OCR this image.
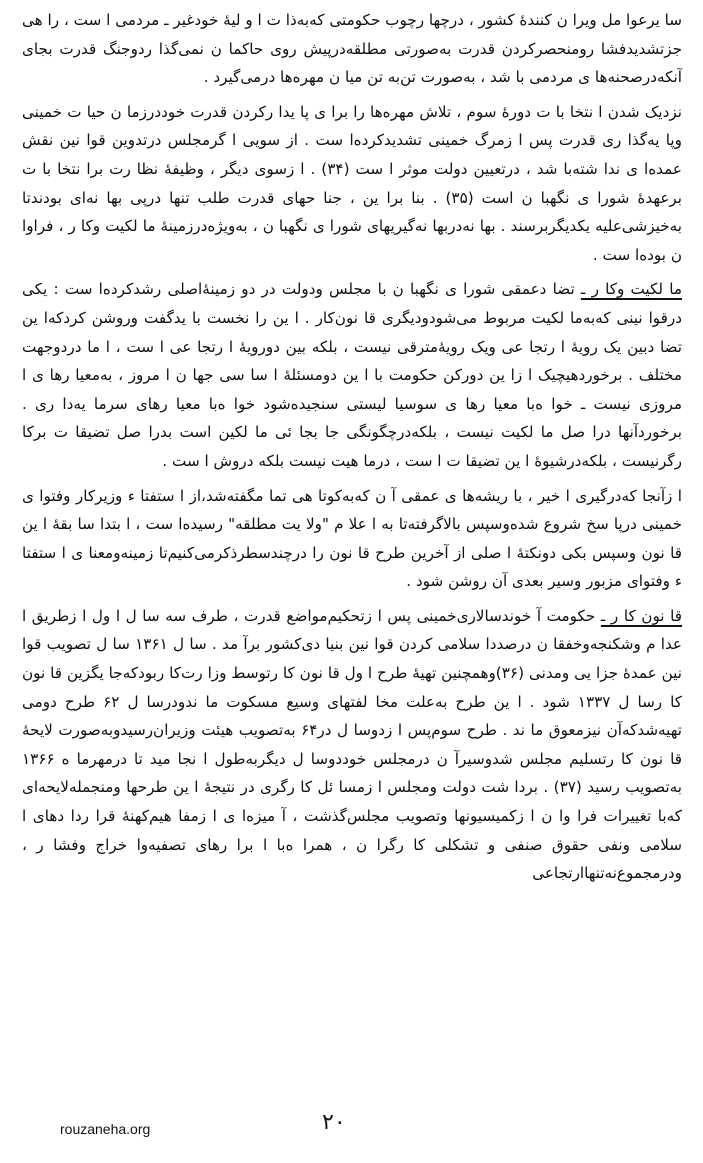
سا یرعوا مل ویرا ن کنندهٔ کشور ، درچها رچوب حکومتی که‌به‌ذا ت ا و لیهٔ خودغیر ـ مردمی ا ست ، را هی جزتشدیدفشا رومنحصرکردن قدرت به‌صورتی مطلقه‌درپیش روی حاکما ن نمی‌گذا ردوجنگ قدرت بجای آنکه‌درصحنه‌ها ی مردمی با شد ، به‌صورت تن‌به تن میا ن مهره‌ها درمی‌گیرد .

نزدیک شدن ا نتخا با ت دورهٔ سوم ، تلاش مهره‌ها را برا ی پا یدا رکردن قدرت خوددرزما ن حیا ت خمینی وپا یه‌گذا ری قدرت پس ا زمرگ خمینی تشدیدکرده‌ا ست . از سویی ا گرمجلس درتدوین قوا نین نقش عمده‌ا ی ندا شته‌با شد ، درتعیین دولت موثر ا ست (۳۴) . ا زسوی دیگر ، وظیفهٔ نظا رت برا نتخا با ت برعهدهٔ شورا ی نگهبا ن است (۳۵) . بنا برا ین ، جنا حهای قدرت طلب تنها درپی بها نه‌ای بودندتا به‌خیزشی‌علیه یکدیگربرسند . بها نه‌دربها نه‌گیریهای شورا ی نگهبا ن ، به‌ویژه‌درزمینهٔ ما لکیت وکا ر ، فراوا ن بوده‌ا ست .

ما لکیت وکا ر ـ تضا دعمقی شورا ی نگهبا ن با مجلس ودولت در دو زمینهٔ‌اصلی رشدکرده‌ا ست : یکی درقوا نینی که‌به‌ما لکیت مربوط می‌شودودیگری قا نون‌کار . ا ین را نخست با یدگفت وروشن کردکه‌ا ین تضا دبین یک رویهٔ ا رتجا عی ویک رویهٔ‌مترقی نیست ، بلکه بین دورویهٔ ا رتجا عی ا ست ، ا ما دردوجهت مختلف . برخوردهیچیک ا زا ین دورکن حکومت با ا ین دومسئلهٔ ا سا سی جها ن ا مروز ، به‌معیا رها ی ا مروزی نیست ـ خوا ه‌با معیا رها ی سوسیا لیستی سنجیده‌شود خوا ه‌با معیا رهای سرما یه‌دا ری . برخوردآنها درا صل ما لکیت نیست ، بلکه‌درچگونگی جا بجا ئی ما لکین است بدرا صل تضیقا ت برکا رگرنیست ، بلکه‌درشیوهٔ ا ین تضیقا ت ا ست ، درما هیت نیست بلکه دروش ا ست .

ا زآنجا که‌درگیری ا خیر ، با ریشه‌ها ی عمقی آ ن که‌به‌کوتا هی تما مگفته‌شد،از ا ستفتا ء وزیرکار وفتوا ی خمینی درپا سخ شروع شده‌وسپس بالاگرفته‌تا به‌ ا علا م "ولا یت مطلقه" رسیده‌ا ست ، ا بتدا سا بقهٔ ا ین قا نون وسپس بکی دونکتهٔ ا صلی از آخرین طرح قا نون را درچندسطرذکرمی‌کنیم‌تا زمینه‌ومعنا ی ا ستفتا ء وفتوای مزبور وسیر بعدی آن روشن شود .

قا نون کا ر ـ حکومت آ خوندسالاری‌خمینی پس ا زتحکیم‌مواضع قدرت ، طرف سه سا ل ا ول ا زطریق ا عدا م وشکنجه‌وخفقا ن درصددا سلامی کردن قوا نین بنیا دی‌کشور برآ مد . سا ل ۱۳۶۱ سا ل تصویب قوا نین عمدهٔ جزا یی ومدنی (۳۶)وهمچنین تهیهٔ طرح ا ول قا نون کا رتوسط وزا رت‌کا ربودکه‌جا یگزین قا نون کا رسا ل ۱۳۳۷ شود . ا ین طرح به‌علت مخا لفتهای وسیع مسکوت ما ندودرسا ل ۶۲ طرح دومی تهیه‌شدکه‌آن نیزمعوق ما ند . طرح سوم‌پس ا زدوسا ل در۶۴ به‌تصویب هیئت وزیران‌رسیدوبه‌صورت لایحهٔ قا نون کا رتسلیم مجلس شدوسیرآ ن درمجلس خوددوسا ل دیگربه‌طول ا نجا مید تا درمهرما ه ۱۳۶۶ به‌تصویب رسید (۳۷) . بردا شت دولت ومجلس ا زمسا ئل کا رگری در نتیجهٔ ا ین طرحها ومنجمله‌لایحه‌ای که‌با تغییرات فرا وا ن ا زکمیسیونها وتصویب مجلس‌گذشت ، آ میزه‌ا ی ا زمفا هیم‌کهنهٔ قرا ردا دهای ا سلامی ونفی حقوق صنفی و تشکلی کا رگرا ن ، همرا ه‌با ا برا رهای تصفیه‌وا خراج وفشا ر ، ودرمجموع‌نه‌تنها‌ارتجاعی

rouzaneha.org	۲۰
